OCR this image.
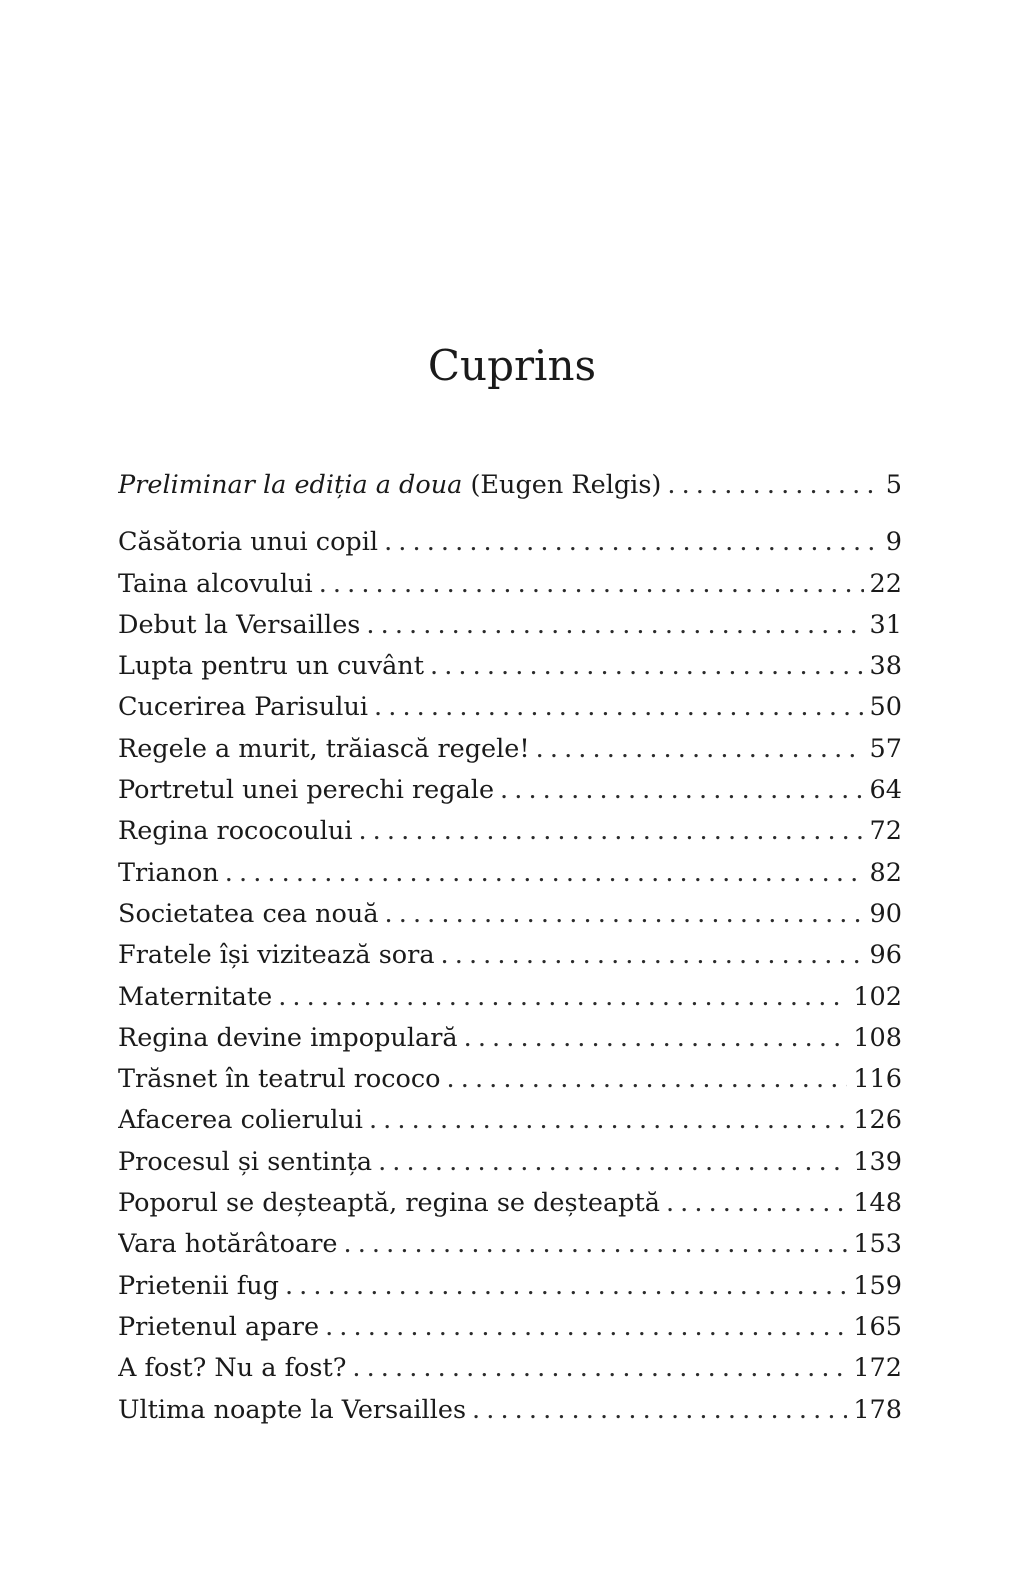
Cuprins
Preliminar la ediția a doua (Eugen Relgis) . . .	5
Căsătoria unui copil . . .	9
Taina alcovului . . .	22
Debut la Versailles . . .	31
Lupta pentru un cuvânt . . .	38
Cucerirea Parisului . . .	50
Regele a murit, trăiască regele! . . .	57
Portretul unei perechi regale . . .	64
Regina rococoului . . .	72
Trianon . . .	82
Societatea cea nouă . . .	90
Fratele își vizitează sora . . .	96
Maternitate . . .	102
Regina devine impopulară . . .	108
Trăsnet în teatrul rococo . . .	116
Afacerea colierului . . .	126
Procesul și sentința . . .	139
Poporul se deșteaptă, regina se deșteaptă . . .	148
Vara hotărâtoare . . .	153
Prietenii fug . . .	159
Prietenul apare . . .	165
A fost? Nu a fost? . . .	172
Ultima noapte la Versailles . . .	178
